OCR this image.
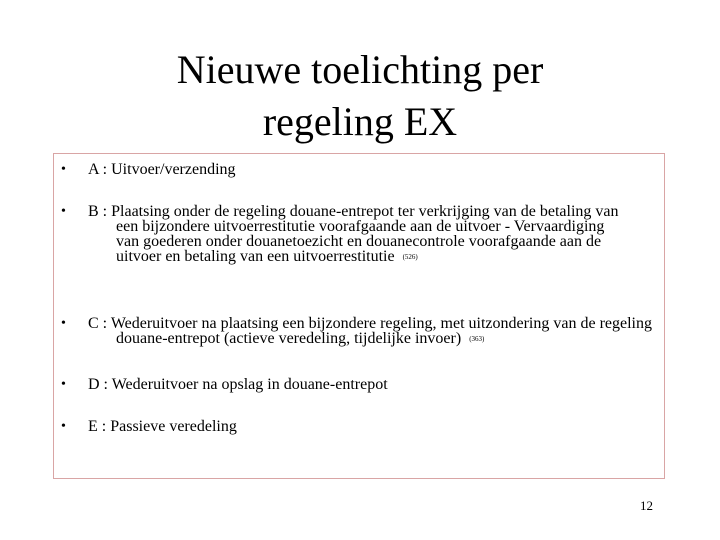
Nieuwe toelichting per
regeling EX
• A : Uitvoer/verzending
• B : Plaatsing onder de regeling douane-entrepot ter verkrijging van de betaling van een bijzondere uitvoerrestitutie voorafgaande aan de uitvoer - Vervaardiging van goederen onder douanetoezicht en douanecontrole voorafgaande aan de uitvoer en betaling van een uitvoerrestitutie (526)
• C : Wederuitvoer na plaatsing een bijzondere regeling, met uitzondering van de regeling douane-entrepot (actieve veredeling, tijdelijke invoer) (363)
• D : Wederuitvoer na opslag in douane-entrepot
• E : Passieve veredeling
12
